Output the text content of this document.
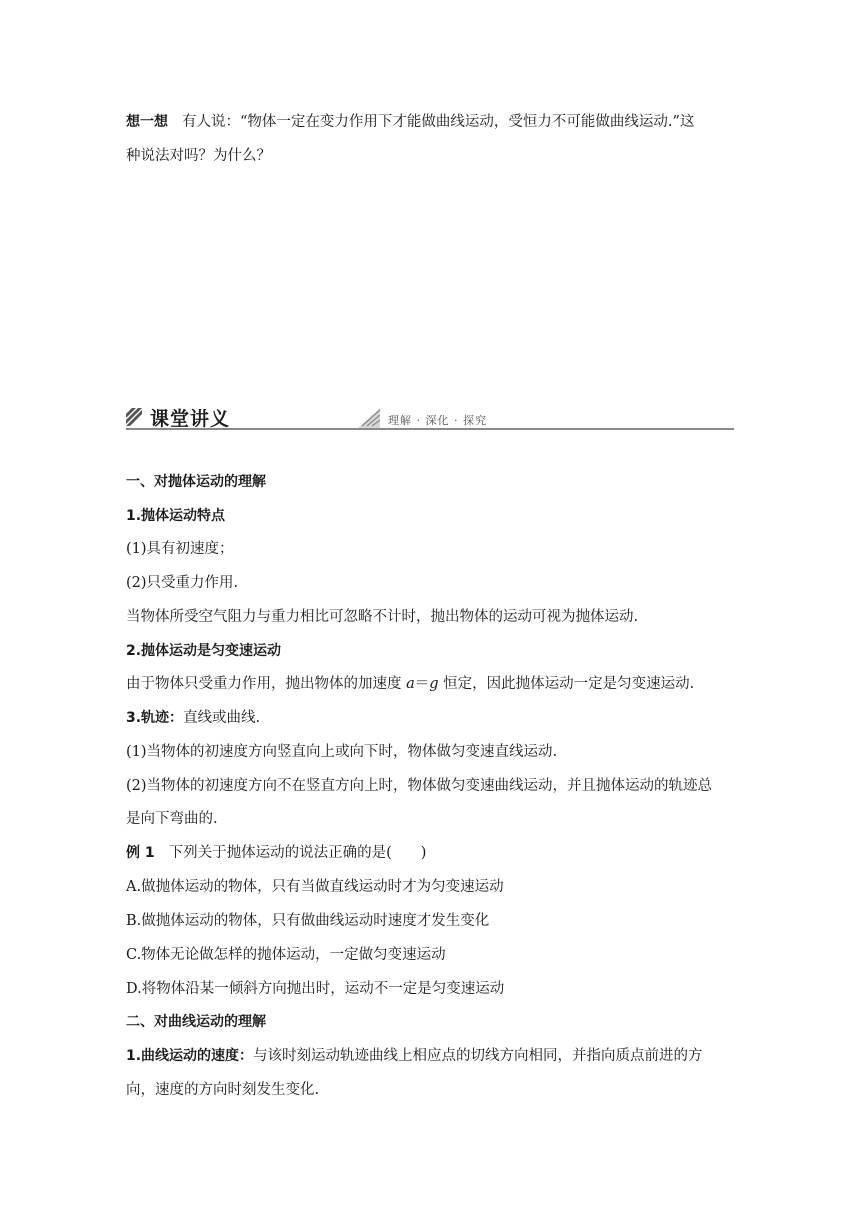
想一想 有人说：“物体一定在变力作用下才能做曲线运动，受恒力不可能做曲线运动.”这
种说法对吗？为什么？
课堂讲义	理解 · 深化 · 探究
一、对抛体运动的理解
1.抛体运动特点
(1)具有初速度；
(2)只受重力作用.
当物体所受空气阻力与重力相比可忽略不计时，抛出物体的运动可视为抛体运动.
2.抛体运动是匀变速运动
由于物体只受重力作用，抛出物体的加速度 a＝g 恒定，因此抛体运动一定是匀变速运动.
3.轨迹：直线或曲线.
(1)当物体的初速度方向竖直向上或向下时，物体做匀变速直线运动.
(2)当物体的初速度方向不在竖直方向上时，物体做匀变速曲线运动，并且抛体运动的轨迹总
是向下弯曲的.
例 1 下列关于抛体运动的说法正确的是(　　)
A.做抛体运动的物体，只有当做直线运动时才为匀变速运动
B.做抛体运动的物体，只有做曲线运动时速度才发生变化
C.物体无论做怎样的抛体运动，一定做匀变速运动
D.将物体沿某一倾斜方向抛出时，运动不一定是匀变速运动
二、对曲线运动的理解
1.曲线运动的速度：与该时刻运动轨迹曲线上相应点的切线方向相同，并指向质点前进的方
向，速度的方向时刻发生变化.
